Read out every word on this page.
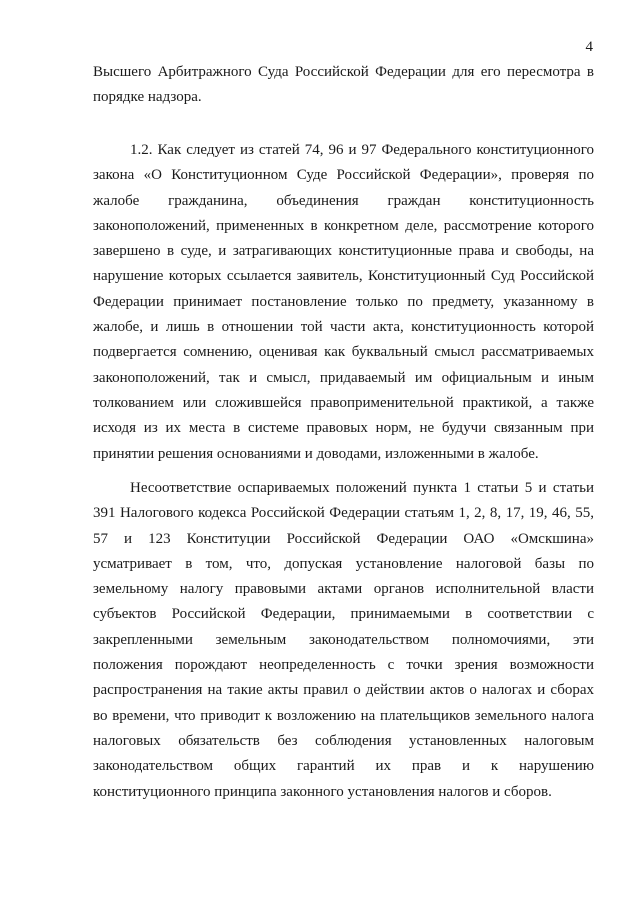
4
Высшего Арбитражного Суда Российской Федерации для его пересмотра в
порядке надзора.
1.2. Как следует из статей 74, 96 и 97 Федерального конституционного
закона «О Конституционном Суде Российской Федерации», проверяя по
жалобе гражданина, объединения граждан конституционность
законоположений, примененных в конкретном деле, рассмотрение которого
завершено в суде, и затрагивающих конституционные права и свободы, на
нарушение которых ссылается заявитель, Конституционный Суд Российской
Федерации принимает постановление только по предмету, указанному в
жалобе, и лишь в отношении той части акта, конституционность которой
подвергается сомнению, оценивая как буквальный смысл рассматриваемых
законоположений, так и смысл, придаваемый им официальным и иным
толкованием или сложившейся правоприменительной практикой, а также
исходя из их места в системе правовых норм, не будучи связанным при
принятии решения основаниями и доводами, изложенными в жалобе.
Несоответствие оспариваемых положений пункта 1 статьи 5 и статьи
391 Налогового кодекса Российской Федерации статьям 1, 2, 8, 17, 19, 46, 55,
57 и 123 Конституции Российской Федерации ОАО «Омскшина»
усматривает в том, что, допуская установление налоговой базы по
земельному налогу правовыми актами органов исполнительной власти
субъектов Российской Федерации, принимаемыми в соответствии с
закрепленными земельным законодательством полномочиями, эти
положения порождают неопределенность с точки зрения возможности
распространения на такие акты правил о действии актов о налогах и сборах
во времени, что приводит к возложению на плательщиков земельного налога
налоговых обязательств без соблюдения установленных налоговым
законодательством общих гарантий их прав и к нарушению
конституционного принципа законного установления налогов и сборов.
